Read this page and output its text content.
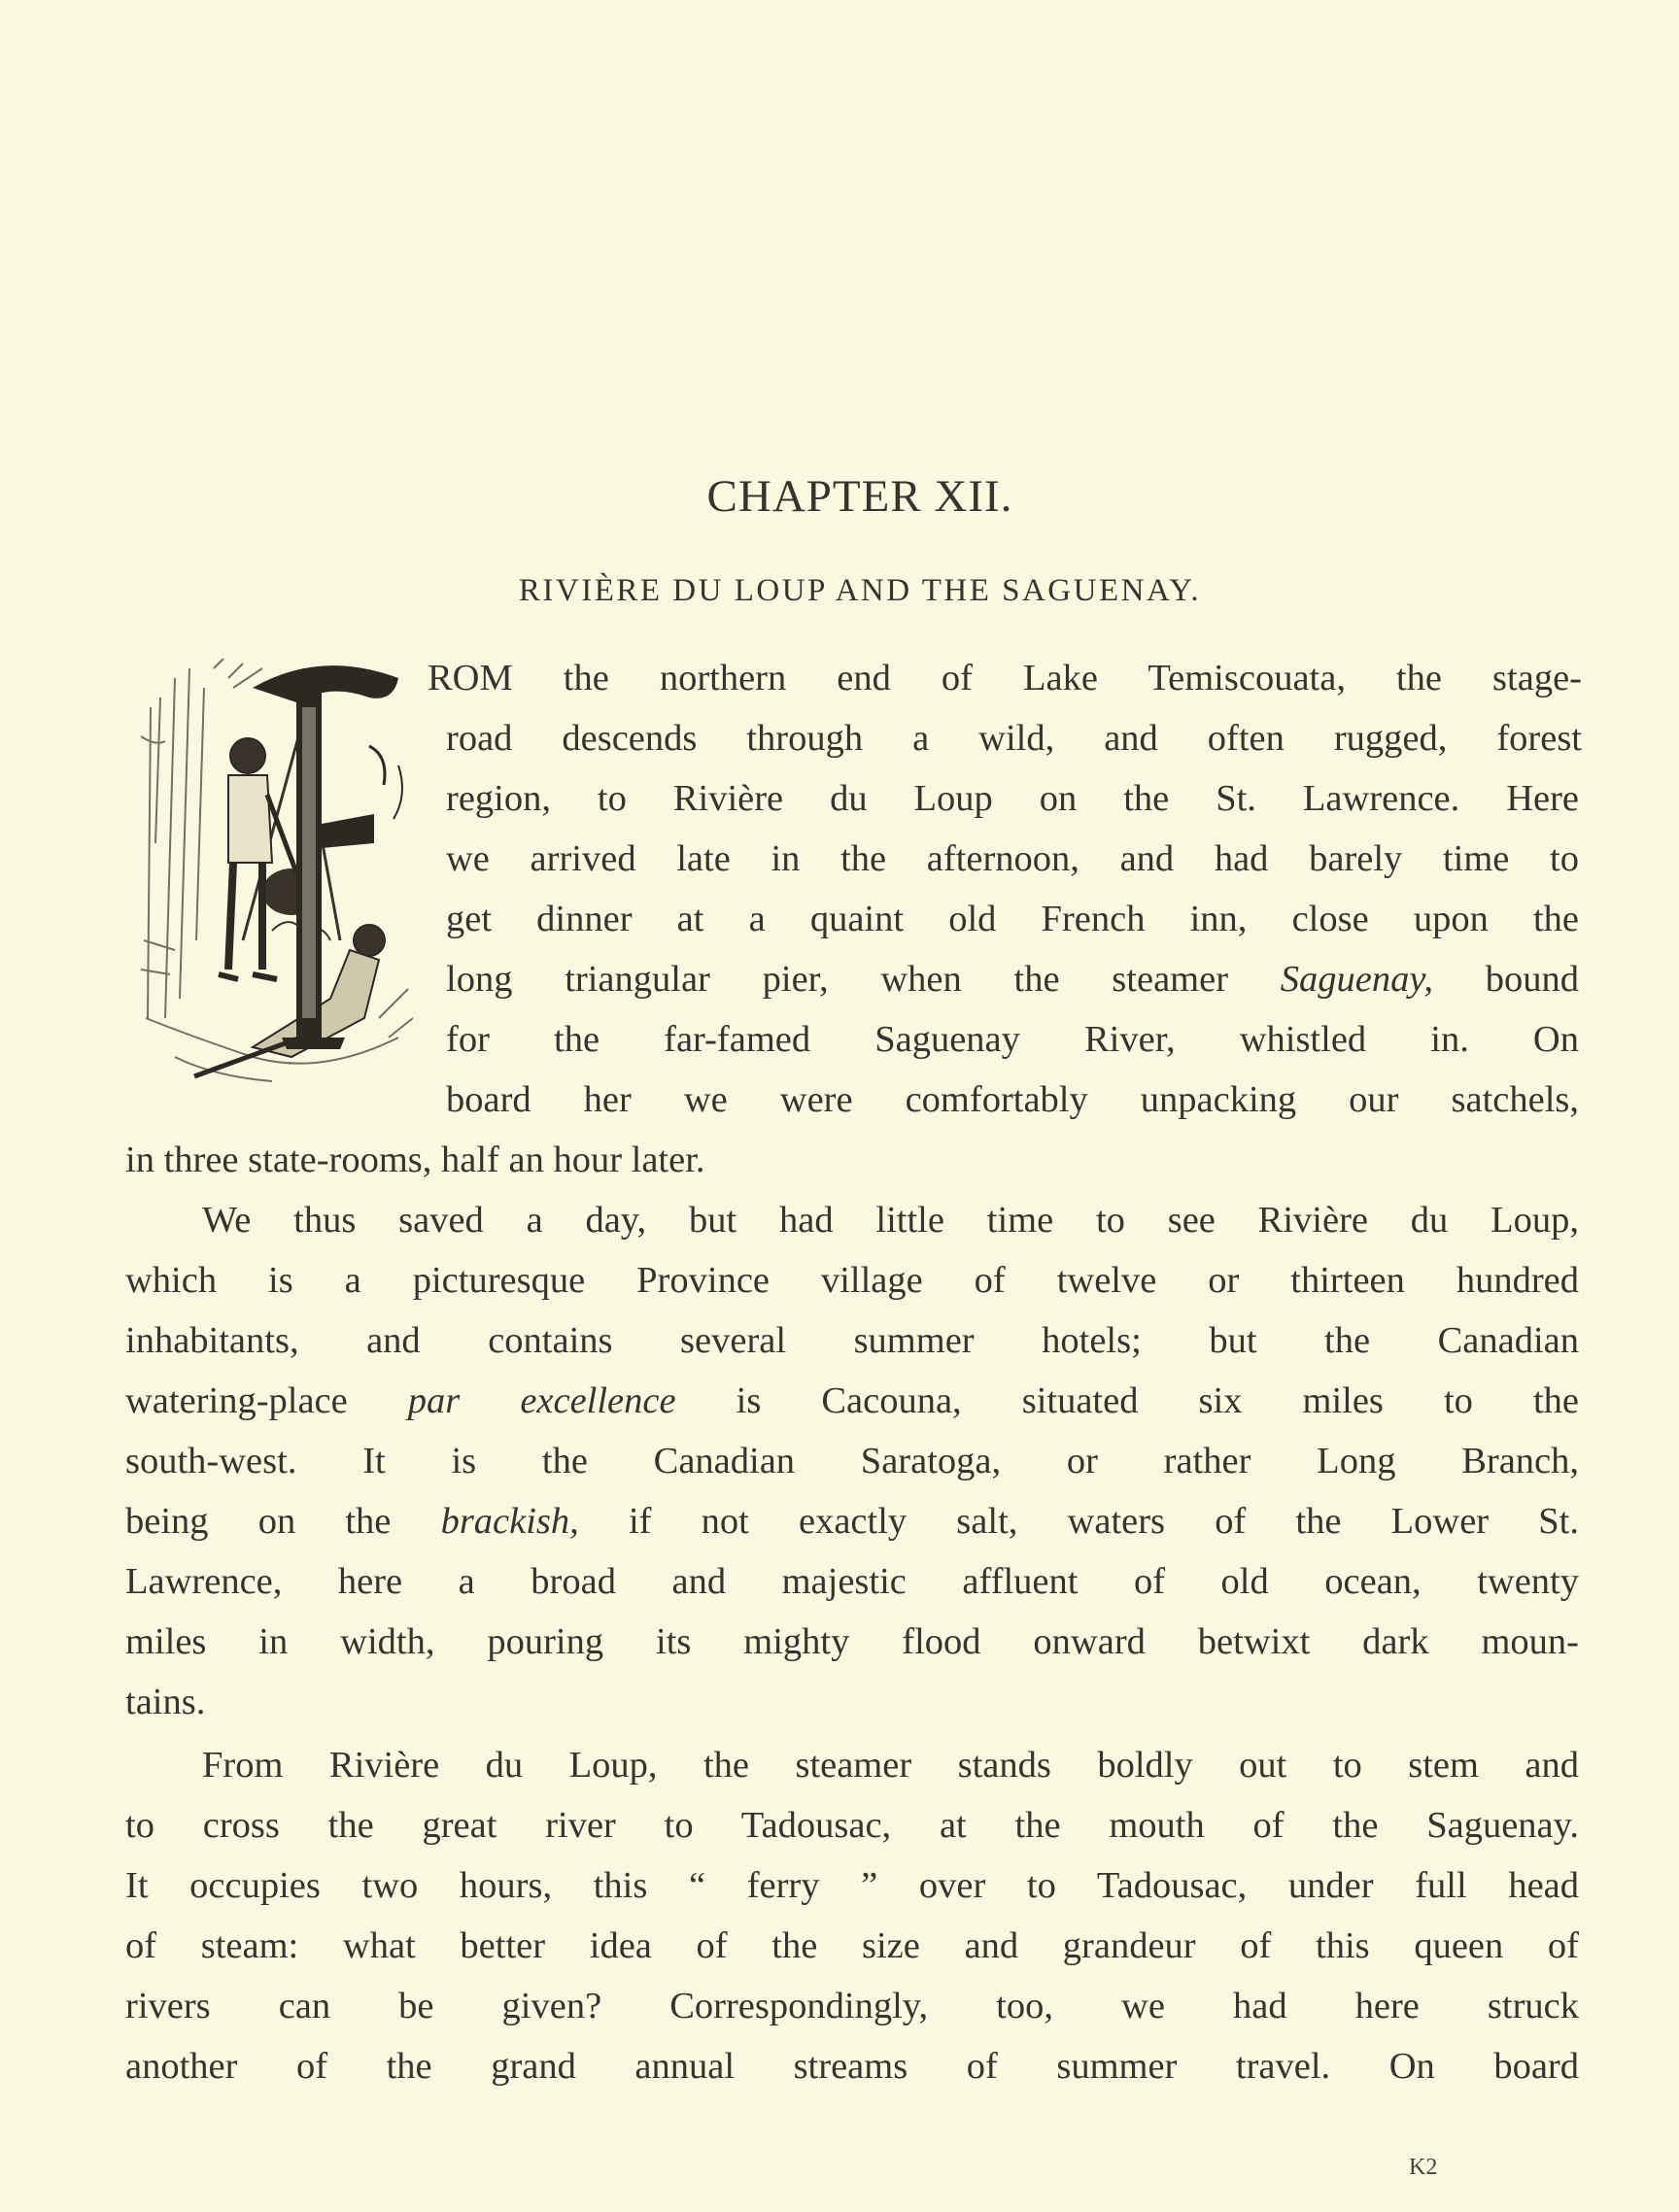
CHAPTER XII.
RIVIÈRE DU LOUP AND THE SAGUENAY.
ROM the northern end of Lake Temiscouata, the stage-
road descends through a wild, and often rugged, forest
region, to Rivière du Loup on the St. Lawrence. Here
we arrived late in the afternoon, and had barely time to
get dinner at a quaint old French inn, close upon the
long triangular pier, when the steamer Saguenay, bound
for the far-famed Saguenay River, whistled in. On
board her we were comfortably unpacking our satchels,
in three state-rooms, half an hour later.
We thus saved a day, but had little time to see Rivière du Loup,
which is a picturesque Province village of twelve or thirteen hundred
inhabitants, and contains several summer hotels; but the Canadian
watering-place par excellence is Cacouna, situated six miles to the
south-west. It is the Canadian Saratoga, or rather Long Branch,
being on the brackish, if not exactly salt, waters of the Lower St.
Lawrence, here a broad and majestic affluent of old ocean, twenty
miles in width, pouring its mighty flood onward betwixt dark moun-
tains.
From Rivière du Loup, the steamer stands boldly out to stem and
to cross the great river to Tadousac, at the mouth of the Saguenay.
It occupies two hours, this “ ferry ” over to Tadousac, under full head
of steam: what better idea of the size and grandeur of this queen of
rivers can be given? Correspondingly, too, we had here struck
another of the grand annual streams of summer travel. On board
K2
